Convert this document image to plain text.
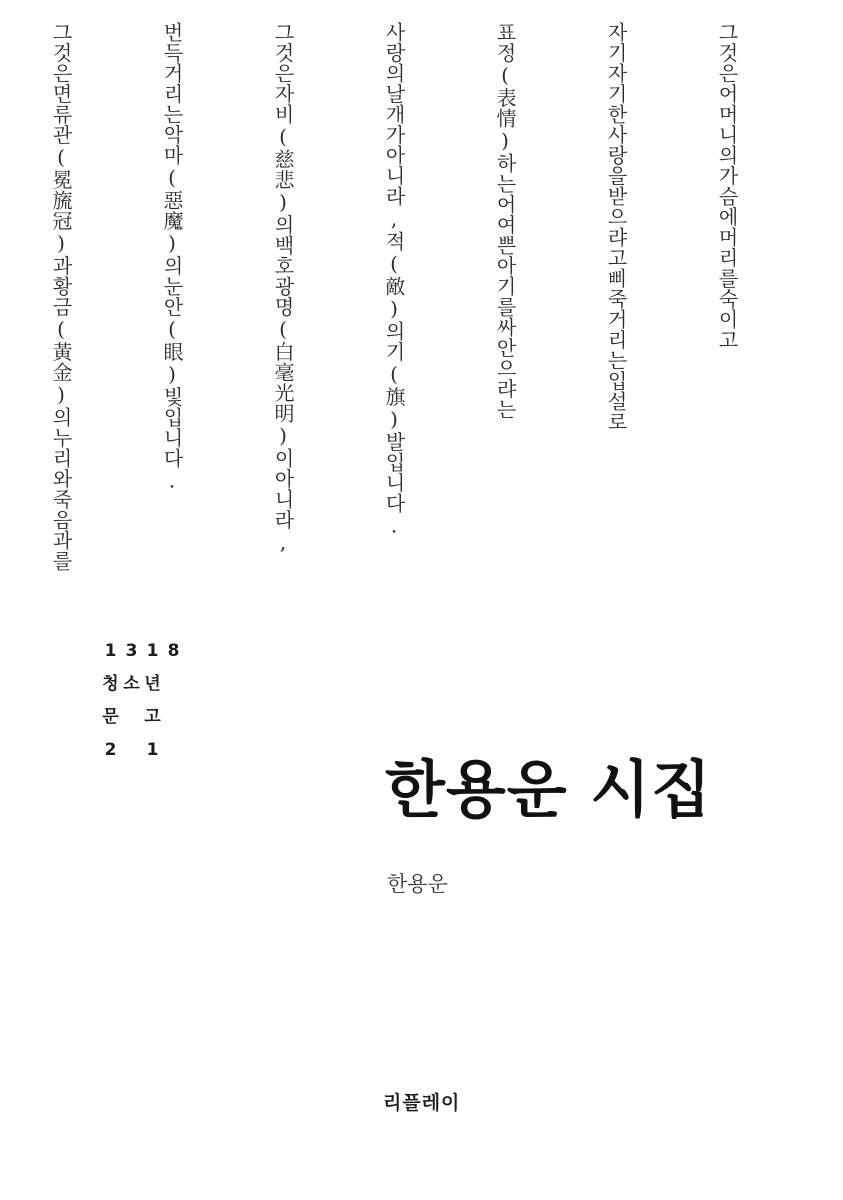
그것은어머니의가슴에머리를숙이고

자기자기한사랑을받으랴고삐죽거리는입설로

표정(表情)하는어여쁜아기를싸안으랴는

사랑의날개가아니라,적(敵)의기(旗)발입니다.

그것은자비(慈悲)의백호광명(白毫光明)이아니라,

번득거리는악마(惡魔)의눈안(眼)빛입니다.

그것은면류관(冕旒冠)과황금(黃金)의누리와죽음과를

1 3 1 8
청 소 년
문 고
2 1
한용운 시집
한용운
리플레이
